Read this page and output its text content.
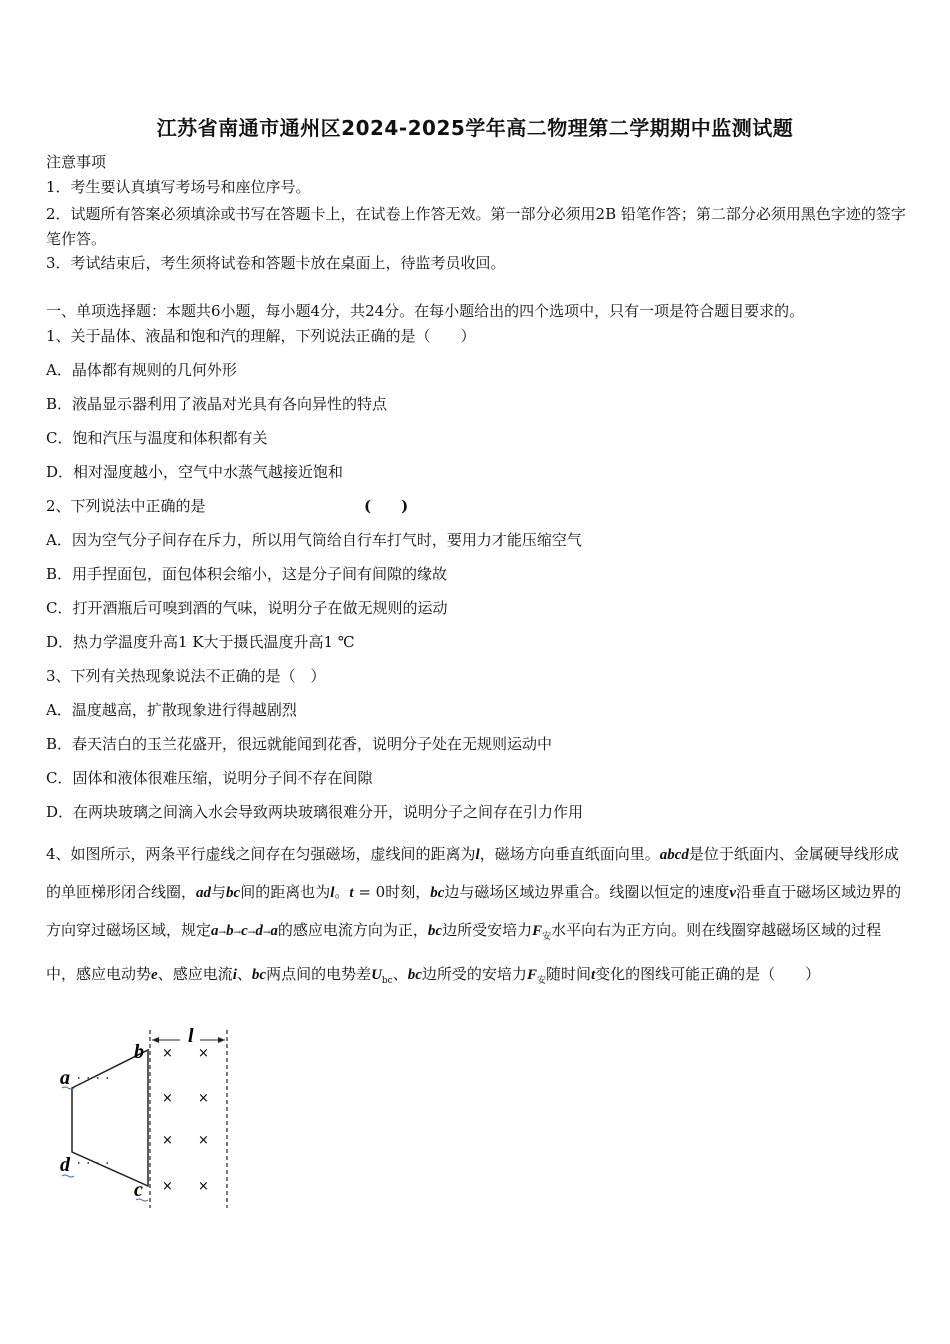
江苏省南通市通州区2024-2025学年高二物理第二学期期中监测试题
注意事项
1．考生要认真填写考场号和座位序号。
2．试题所有答案必须填涂或书写在答题卡上，在试卷上作答无效。第一部分必须用2B 铅笔作答；第二部分必须用黑色字迹的签字笔作答。
3．考试结束后，考生须将试卷和答题卡放在桌面上，待监考员收回。
一、单项选择题：本题共6小题，每小题4分，共24分。在每小题给出的四个选项中，只有一项是符合题目要求的。
1、关于晶体、液晶和饱和汽的理解，下列说法正确的是（　　）
A．晶体都有规则的几何外形
B．液晶显示器利用了液晶对光具有各向异性的特点
C．饱和汽压与温度和体积都有关
D．相对湿度越小，空气中水蒸气越接近饱和
2、下列说法中正确的是	(　　)
A．因为空气分子间存在斥力，所以用气筒给自行车打气时，要用力才能压缩空气
B．用手捏面包，面包体积会缩小，这是分子间有间隙的缘故
C．打开酒瓶后可嗅到酒的气味，说明分子在做无规则的运动
D．热力学温度升高1 K大于摄氏温度升高1 ℃
3、下列有关热现象说法不正确的是（　）
A．温度越高，扩散现象进行得越剧烈
B．春天洁白的玉兰花盛开，很远就能闻到花香，说明分子处在无规则运动中
C．固体和液体很难压缩，说明分子间不存在间隙
D．在两块玻璃之间滴入水会导致两块玻璃很难分开，说明分子之间存在引力作用
4、如图所示，两条平行虚线之间存在匀强磁场，虚线间的距离为l，磁场方向垂直纸面向里。abcd是位于纸面内、金属硬导线形成的单匝梯形闭合线圈，ad与bc间的距离也为l。t = 0时刻，bc边与磁场区域边界重合。线圈以恒定的速度v沿垂直于磁场区域边界的方向穿过磁场区域，规定a→b→c→d→a的感应电流方向为正，bc边所受安培力$F_安$水平向右为正方向。则在线圈穿越磁场区域的过程中，感应电动势e、感应电流i、bc两点间的电势差$U_{bc}$、bc边所受的安培力$F_安$随时间t变化的图线可能正确的是（　　）
l
a
b
c
d
× ×
× ×
× ×
× ×
